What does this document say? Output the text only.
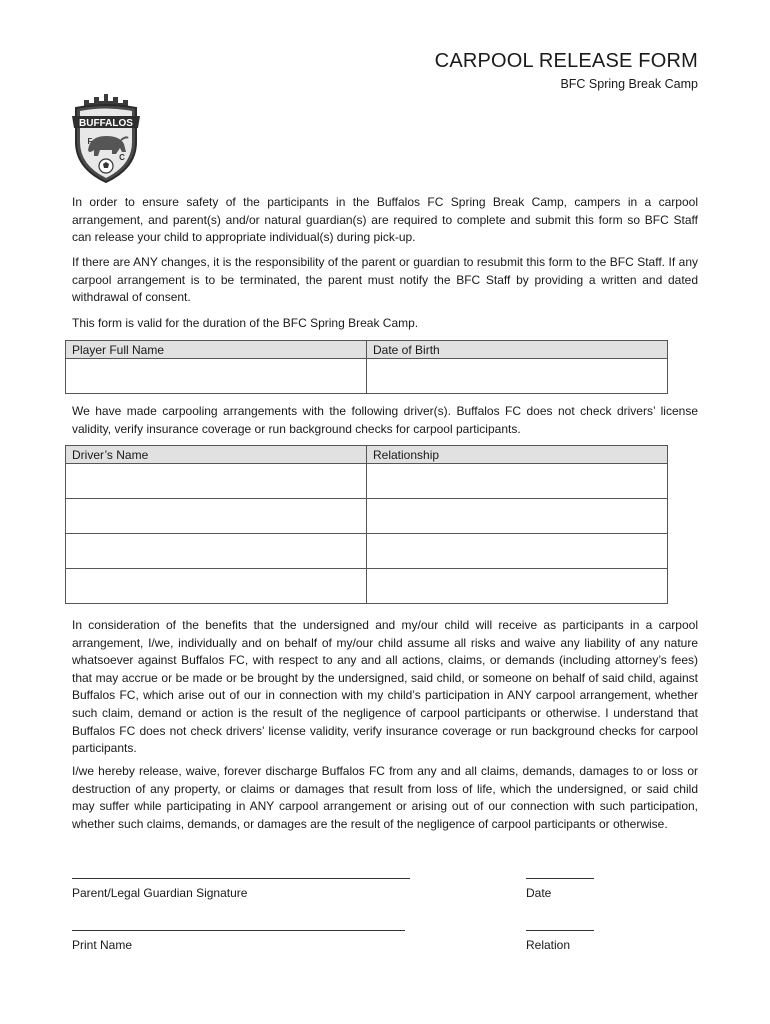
CARPOOL RELEASE FORM
BFC Spring Break Camp
BUFFALOS
F
C

In order to ensure safety of the participants in the Buffalos FC Spring Break Camp, campers in a carpool arrangement, and parent(s) and/or natural guardian(s) are required to complete and submit this form so BFC Staff can release your child to appropriate individual(s) during pick-up.

If there are ANY changes, it is the responsibility of the parent or guardian to resubmit this form to the BFC Staff. If any carpool arrangement is to be terminated, the parent must notify the BFC Staff by providing a written and dated withdrawal of consent.

This form is valid for the duration of the BFC Spring Break Camp.

Player Full Name	Date of Birth

We have made carpooling arrangements with the following driver(s). Buffalos FC does not check drivers’ license validity, verify insurance coverage or run background checks for carpool participants.

Driver’s Name	Relationship

In consideration of the benefits that the undersigned and my/our child will receive as participants in a carpool arrangement, I/we, individually and on behalf of my/our child assume all risks and waive any liability of any nature whatsoever against Buffalos FC, with respect to any and all actions, claims, or demands (including attorney’s fees) that may accrue or be made or be brought by the undersigned, said child, or someone on behalf of said child, against Buffalos FC, which arise out of our in connection with my child’s participation in ANY carpool arrangement, whether such claim, demand or action is the result of the negligence of carpool participants or otherwise. I understand that Buffalos FC does not check drivers’ license validity, verify insurance coverage or run background checks for carpool participants.

I/we hereby release, waive, forever discharge Buffalos FC from any and all claims, demands, damages to or loss or destruction of any property, or claims or damages that result from loss of life, which the undersigned, or said child may suffer while participating in ANY carpool arrangement or arising out of our connection with such participation, whether such claims, demands, or damages are the result of the negligence of carpool participants or otherwise.

Parent/Legal Guardian Signature	Date
Print Name	Relation
